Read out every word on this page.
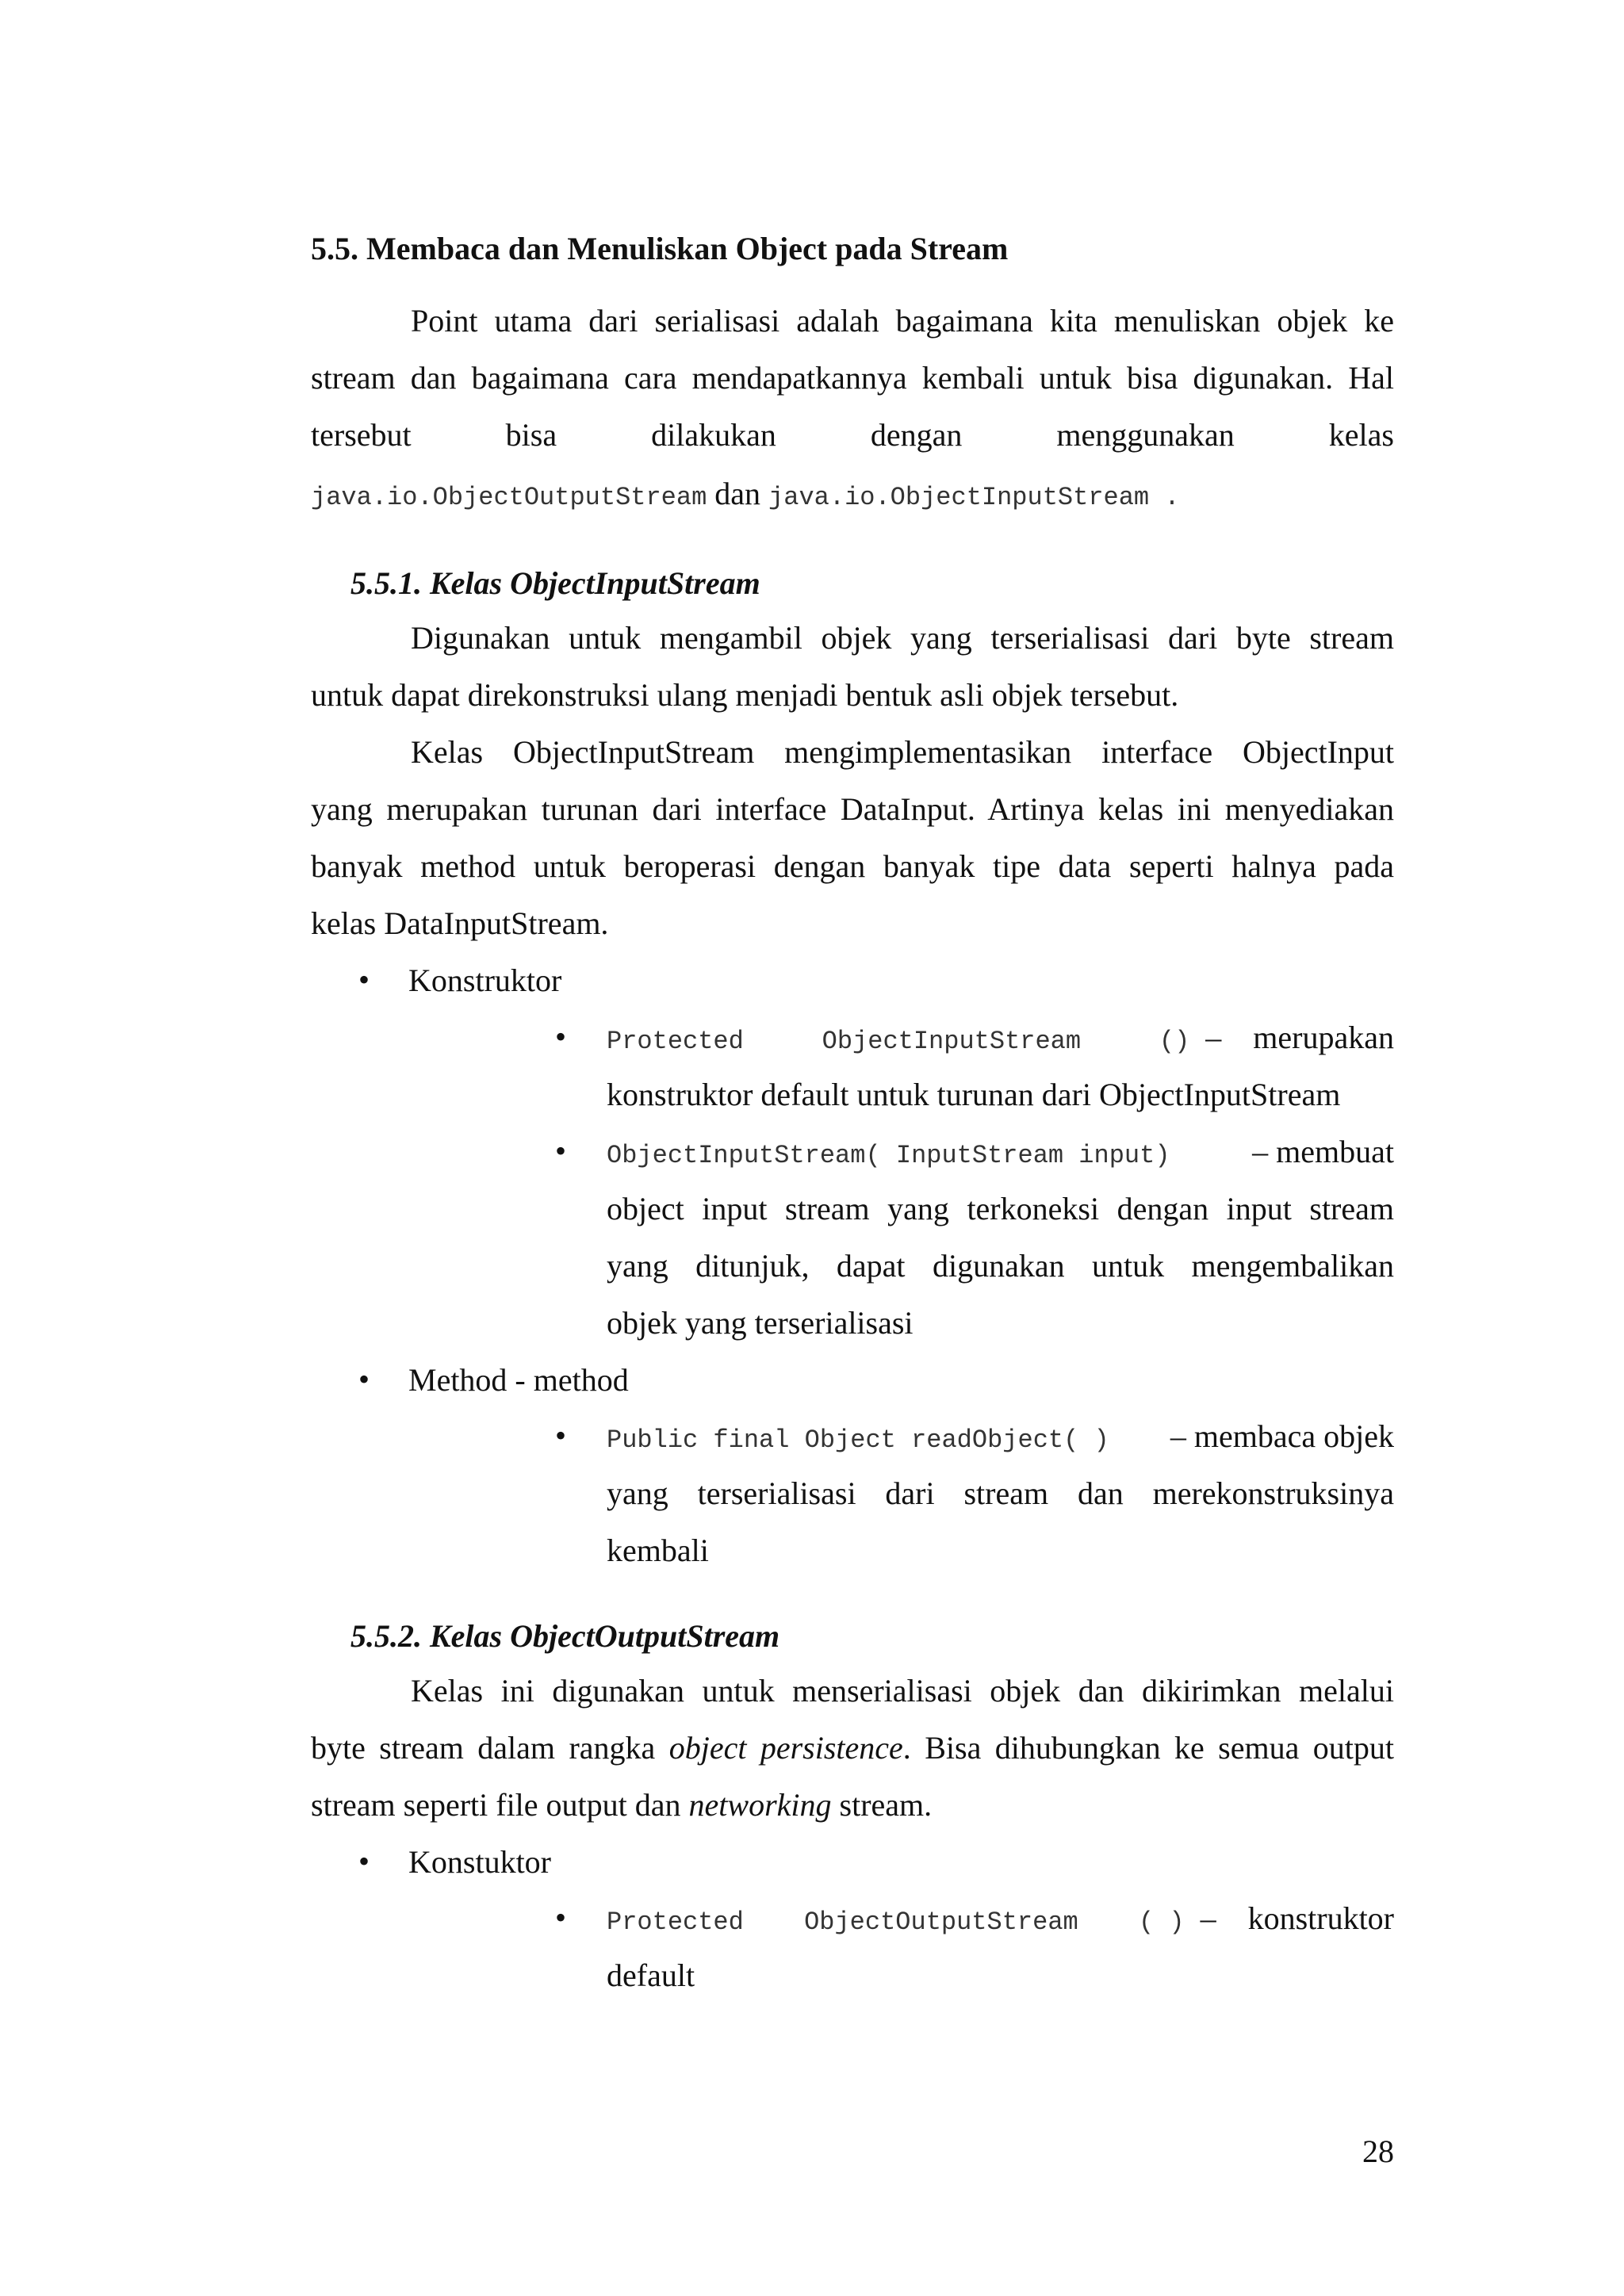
5.5. Membaca dan Menuliskan Object pada Stream
Point utama dari serialisasi adalah bagaimana kita menuliskan objek ke
stream dan bagaimana cara mendapatkannya kembali untuk bisa digunakan. Hal
tersebut	bisa	dilakukan	dengan	menggunakan	kelas
java.io.ObjectOutputStream dan java.io.ObjectInputStream .
5.5.1. Kelas ObjectInputStream
Digunakan untuk mengambil objek yang terserialisasi dari byte stream
untuk dapat direkonstruksi ulang menjadi bentuk asli objek tersebut.
Kelas ObjectInputStream mengimplementasikan interface ObjectInput
yang merupakan turunan dari interface DataInput. Artinya kelas ini menyediakan
banyak method untuk beroperasi dengan banyak tipe data seperti halnya pada
kelas DataInputStream.
• Konstruktor
• Protected	ObjectInputStream	() –	merupakan
konstruktor default untuk turunan dari ObjectInputStream
• ObjectInputStream( InputStream input)	– membuat
object input stream yang terkoneksi dengan input stream
yang ditunjuk, dapat digunakan untuk mengembalikan
objek yang terserialisasi
• Method - method
• Public final Object readObject( ) – membaca objek
yang terserialisasi dari stream dan merekonstruksinya
kembali
5.5.2. Kelas ObjectOutputStream
Kelas ini digunakan untuk menserialisasi objek dan dikirimkan melalui
byte stream dalam rangka object persistence. Bisa dihubungkan ke semua output
stream seperti file output dan networking stream.
• Konstuktor
• Protected ObjectOutputStream ( ) –	konstruktor
default
28
